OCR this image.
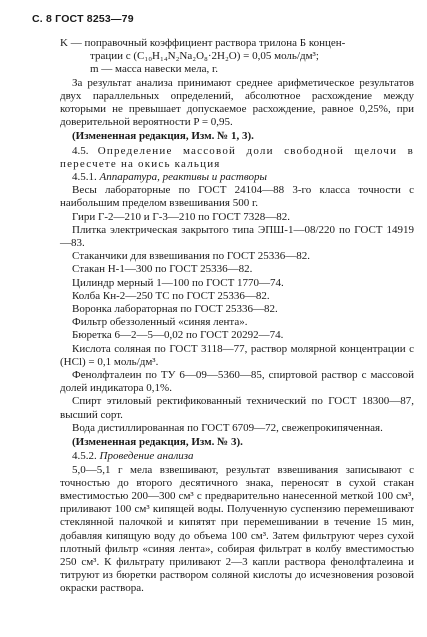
С. 8 ГОСТ 8253—79

K — поправочный коэффициент раствора трилона Б концен-

трации с (C₁₀H₁₄N₂Na₂O₈·2H₂O) = 0,05 моль/дм³;

m — масса навески мела, г.

За результат анализа принимают среднее арифметическое результатов двух параллельных определений, абсолютное расхождение между которыми не превышает допускаемое расхождение, равное 0,25%, при доверительной вероятности P = 0,95.

(Измененная редакция, Изм. № 1, 3).

4.5. Определение массовой доли свободной щелочи в пересчете на окись кальция

4.5.1. Аппаратура, реактивы и растворы

Весы лабораторные по ГОСТ 24104—88 3-го класса точности с наибольшим пределом взвешивания 500 г.

Гири Г-2—210 и Г-3—210 по ГОСТ 7328—82.

Плитка электрическая закрытого типа ЭПШ-1—08/220 по ГОСТ 14919—83.

Стаканчики для взвешивания по ГОСТ 25336—82.

Стакан Н-1—300 по ГОСТ 25336—82.

Цилиндр мерный 1—100 по ГОСТ 1770—74.

Колба Кн-2—250 ТС по ГОСТ 25336—82.

Воронка лабораторная по ГОСТ 25336—82.

Фильтр обеззоленный «синяя лента».

Бюретка 6—2—5—0,02 по ГОСТ 20292—74.

Кислота соляная по ГОСТ 3118—77, раствор молярной концентрации с (HCl) = 0,1 моль/дм³.

Фенолфталеин по ТУ 6—09—5360—85, спиртовой раствор с массовой долей индикатора 0,1%.

Спирт этиловый ректификованный технический по ГОСТ 18300—87, высший сорт.

Вода дистиллированная по ГОСТ 6709—72, свежепрокипяченная.

(Измененная редакция, Изм. № 3).

4.5.2. Проведение анализа

5,0—5,1 г мела взвешивают, результат взвешивания записывают с точностью до второго десятичного знака, переносят в сухой стакан вместимостью 200—300 см³ с предварительно нанесенной меткой 100 см³, приливают 100 см³ кипящей воды. Полученную суспензию перемешивают стеклянной палочкой и кипятят при перемешивании в течение 15 мин, добавляя кипящую воду до объема 100 см³. Затем фильтруют через сухой плотный фильтр «синяя лента», собирая фильтрат в колбу вместимостью 250 см³. К фильтрату приливают 2—3 капли раствора фенолфталеина и титруют из бюретки раствором соляной кислоты до исчезновения розовой окраски раствора.
